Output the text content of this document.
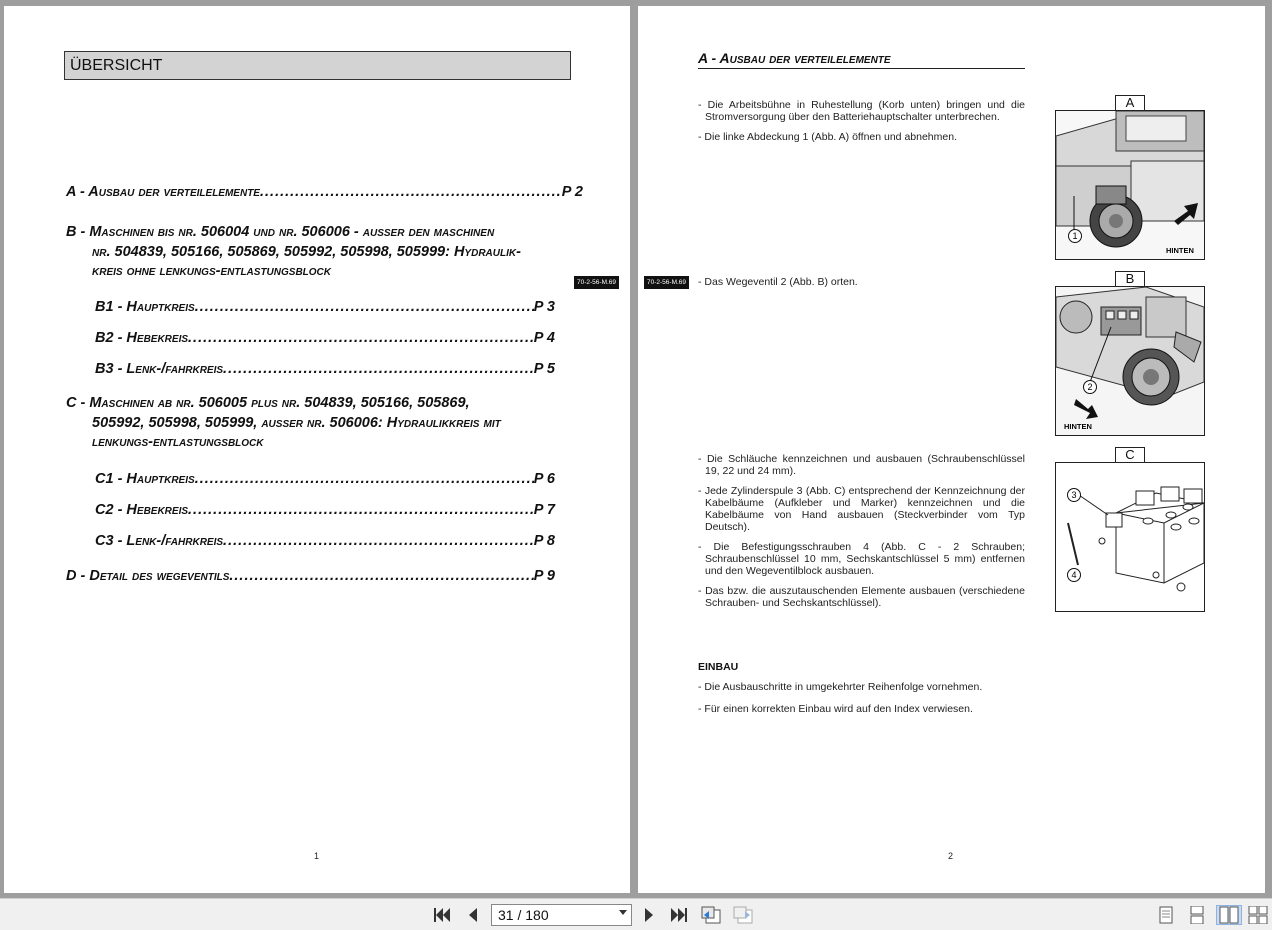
ÜBERSICHT
A - Ausbau der verteilelemente .....	P 2
B - Maschinen bis nr. 506004 und nr. 506006 - ausser den maschinen
nr. 504839, 505166, 505869, 505992, 505998, 505999: Hydraulik-
kreis ohne lenkungs-entlastungsblock
70-2-56-M.69
B1 - Hauptkreis .....	P 3
B2 - Hebekreis .....	P 4
B3 - Lenk-/fahrkreis .....	P 5
C - Maschinen ab nr. 506005 plus nr. 504839, 505166, 505869,
505992, 505998, 505999, ausser nr. 506006: Hydraulikkreis mit
lenkungs-entlastungsblock
C1 - Hauptkreis .....	P 6
C2 - Hebekreis .....	P 7
C3 - Lenk-/fahrkreis .....	P 8
D - Detail des wegeventils .....	P 9
1
A - Ausbau der verteilelemente

- Die Arbeitsbühne in Ruhestellung (Korb unten) bringen und die Stromversorgung über den Batteriehauptschalter unterbrechen.

- Die linke Abdeckung 1 (Abb. A) öffnen und abnehmen.

70-2-56-M.69 - Das Wegeventil 2 (Abb. B) orten.

- Die Schläuche kennzeichnen und ausbauen (Schraubenschlüssel 19, 22 und 24 mm).

- Jede Zylinderspule 3 (Abb. C) entsprechend der Kennzeichnung der Kabelbäume (Aufkleber und Marker) kennzeichnen und die Kabelbäume von Hand ausbauen (Steckverbinder vom Typ Deutsch).

- Die Befestigungsschrauben 4 (Abb. C - 2 Schrauben; Schraubenschlüssel 10 mm, Sechskantschlüssel 5 mm) entfernen und den Wegeventilblock ausbauen.

- Das bzw. die auszutauschenden Elemente ausbauen (verschiedene Schrauben- und Sechskantschlüssel).

EINBAU

- Die Ausbauschritte in umgekehrter Reihenfolge vornehmen.

- Für einen korrekten Einbau wird auf den Index verwiesen.

A
1
HINTEN
B
2
HINTEN
C
3
4
2
31 / 180
